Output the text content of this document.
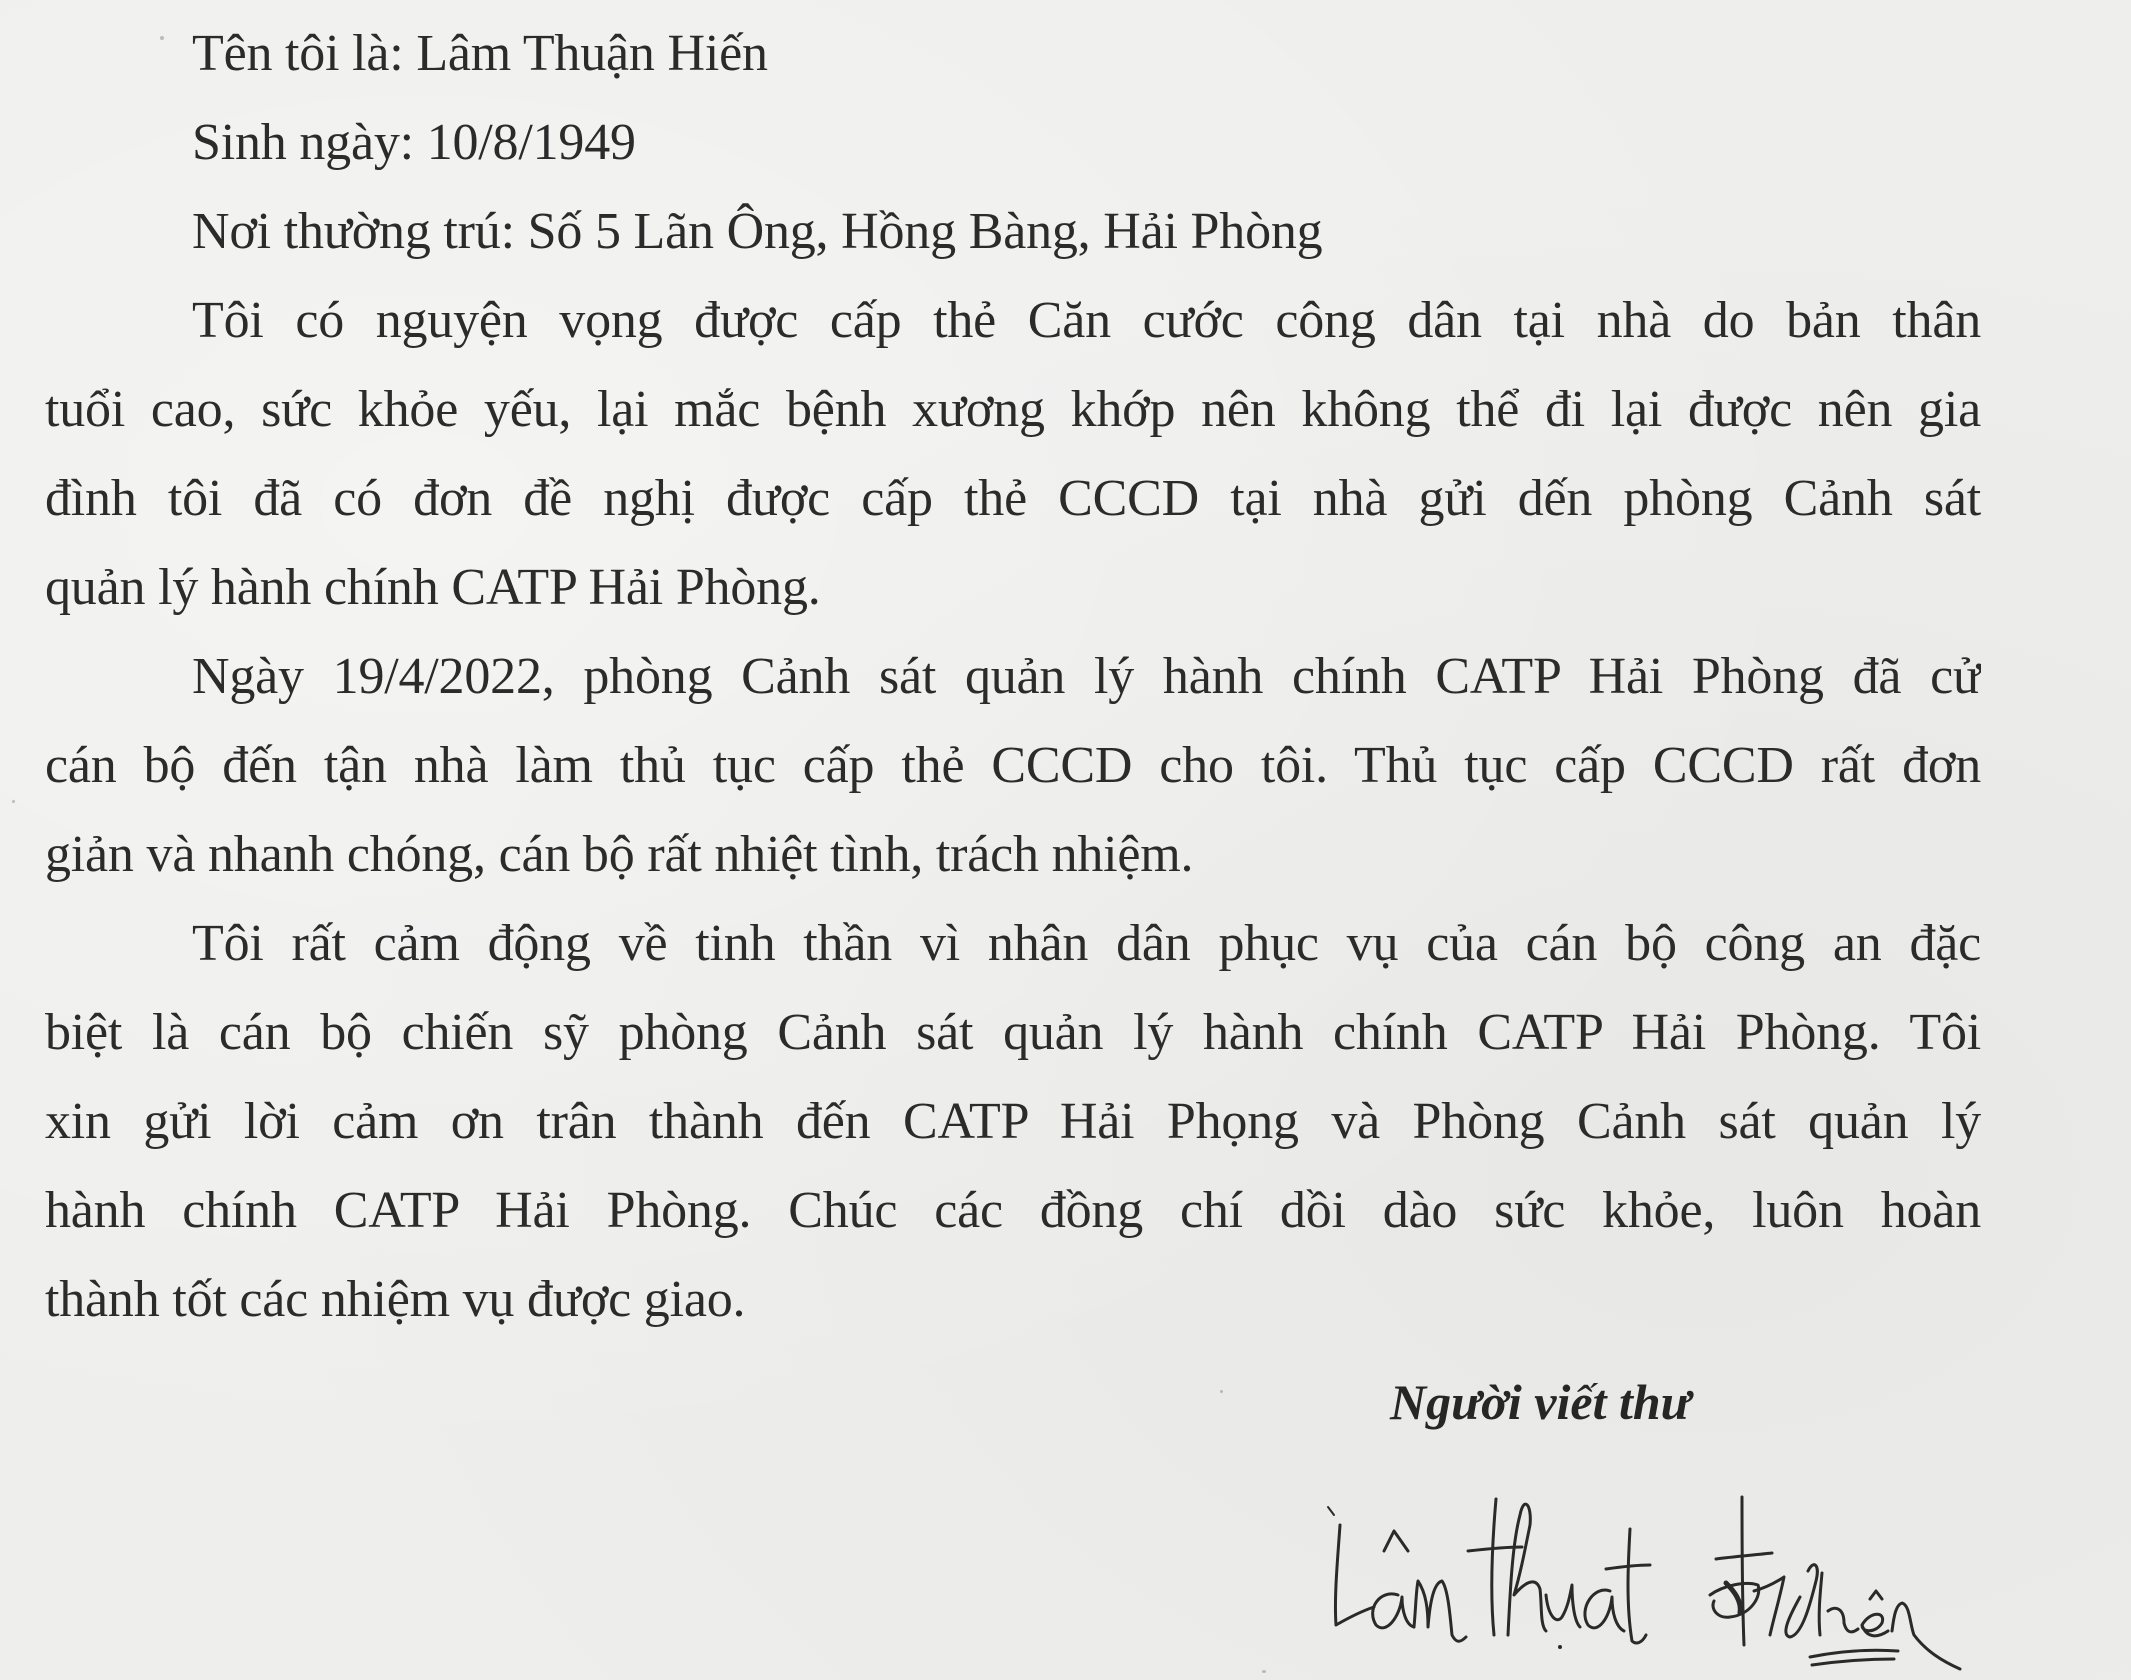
Tên tôi là: Lâm Thuận Hiến
Sinh ngày: 10/8/1949
Nơi thường trú: Số 5 Lãn Ông, Hồng Bàng, Hải Phòng
Tôi có nguyện vọng được cấp thẻ Căn cước công dân tại nhà do bản thân
tuổi cao, sức khỏe yếu, lại mắc bệnh xương khớp nên không thể đi lại được nên gia
đình tôi đã có đơn đề nghị được cấp thẻ CCCD tại nhà gửi dến phòng Cảnh sát
quản lý hành chính CATP Hải Phòng.
Ngày 19/4/2022, phòng Cảnh sát quản lý hành chính CATP Hải Phòng đã cử
cán bộ đến tận nhà làm thủ tục cấp thẻ CCCD cho tôi. Thủ tục cấp CCCD rất đơn
giản và nhanh chóng, cán bộ rất nhiệt tình, trách nhiệm.
Tôi rất cảm động về tinh thần vì nhân dân phục vụ của cán bộ công an đặc
biệt là cán bộ chiến sỹ phòng Cảnh sát quản lý hành chính CATP Hải Phòng. Tôi
xin gửi lời cảm ơn trân thành đến CATP Hải Phọng và Phòng Cảnh sát quản lý
hành chính CATP Hải Phòng. Chúc các đồng chí dồi dào sức khỏe, luôn hoàn
thành tốt các nhiệm vụ được giao.
Người viết thư
